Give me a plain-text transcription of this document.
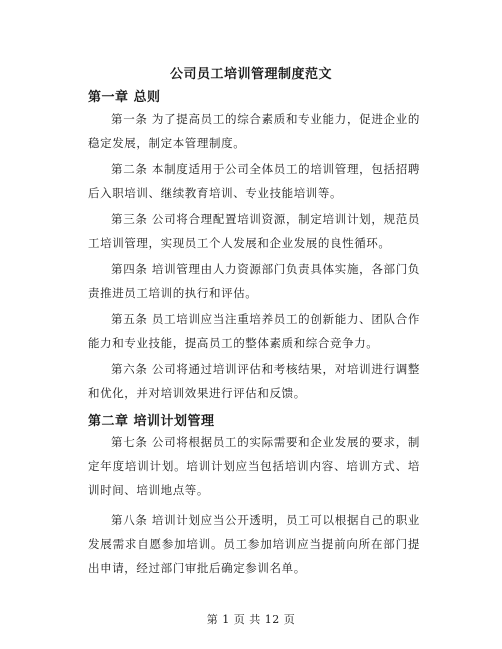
公司员工培训管理制度范文
第一章 总则
第一条 为了提高员工的综合素质和专业能力，促进企业的稳定发展，制定本管理制度。
第二条 本制度适用于公司全体员工的培训管理，包括招聘后入职培训、继续教育培训、专业技能培训等。
第三条 公司将合理配置培训资源，制定培训计划，规范员工培训管理，实现员工个人发展和企业发展的良性循环。
第四条 培训管理由人力资源部门负责具体实施，各部门负责推进员工培训的执行和评估。
第五条 员工培训应当注重培养员工的创新能力、团队合作能力和专业技能，提高员工的整体素质和综合竞争力。
第六条 公司将通过培训评估和考核结果，对培训进行调整和优化，并对培训效果进行评估和反馈。
第二章 培训计划管理
第七条 公司将根据员工的实际需要和企业发展的要求，制定年度培训计划。培训计划应当包括培训内容、培训方式、培训时间、培训地点等。
第八条 培训计划应当公开透明，员工可以根据自己的职业发展需求自愿参加培训。员工参加培训应当提前向所在部门提出申请，经过部门审批后确定参训名单。
第 1 页 共 12 页
